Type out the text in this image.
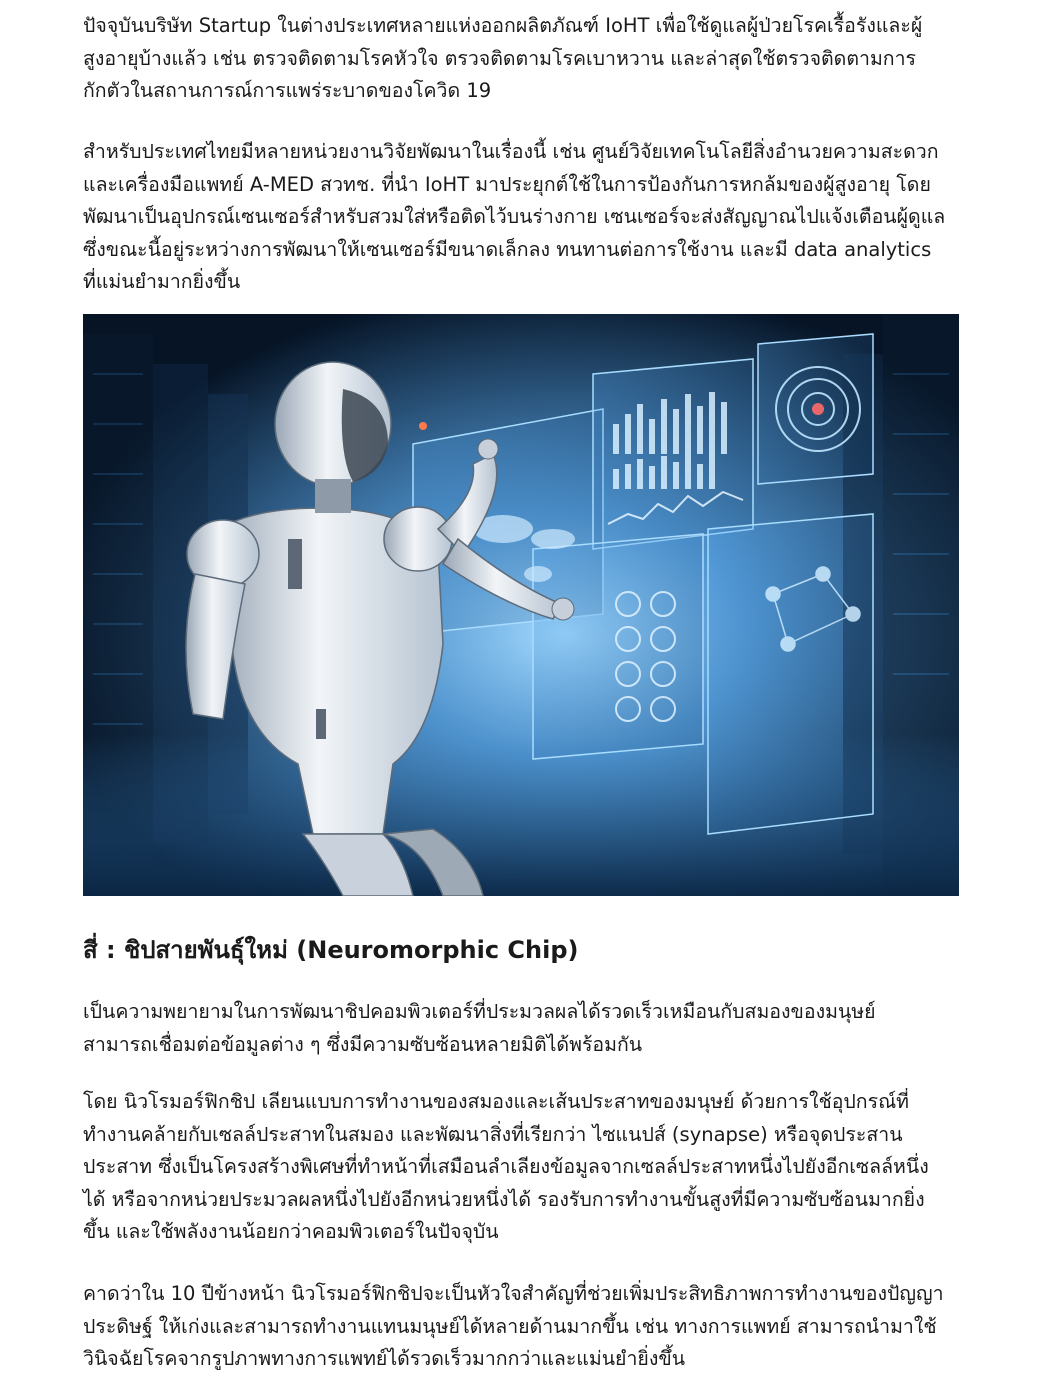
ปัจจุบันบริษัท Startup ในต่างประเทศหลายแห่งออกผลิตภัณฑ์ IoHT เพื่อใช้ดูแลผู้ป่วยโรคเรื้อรังและผู้
สูงอายุบ้างแล้ว เช่น ตรวจติดตามโรคหัวใจ ตรวจติดตามโรคเบาหวาน และล่าสุดใช้ตรวจติดตามการ
กักตัวในสถานการณ์การแพร่ระบาดของโควิด 19

สำหรับประเทศไทยมีหลายหน่วยงานวิจัยพัฒนาในเรื่องนี้ เช่น ศูนย์วิจัยเทคโนโลยีสิ่งอำนวยความสะดวก
และเครื่องมือแพทย์ A-MED สวทช. ที่นำ IoHT มาประยุกต์ใช้ในการป้องกันการหกล้มของผู้สูงอายุ โดย
พัฒนาเป็นอุปกรณ์เซนเซอร์สำหรับสวมใส่หรือติดไว้บนร่างกาย เซนเซอร์จะส่งสัญญาณไปแจ้งเตือนผู้ดูแล
ซึ่งขณะนี้อยู่ระหว่างการพัฒนาให้เซนเซอร์มีขนาดเล็กลง ทนทานต่อการใช้งาน และมี data analytics
ที่แม่นยำมากยิ่งขึ้น

สี่ : ชิปสายพันธุ์ใหม่ (Neuromorphic Chip)

เป็นความพยายามในการพัฒนาชิปคอมพิวเตอร์ที่ประมวลผลได้รวดเร็วเหมือนกับสมองของมนุษย์
สามารถเชื่อมต่อข้อมูลต่าง ๆ ซึ่งมีความซับซ้อนหลายมิติได้พร้อมกัน

โดย นิวโรมอร์ฟิกชิป เลียนแบบการทำงานของสมองและเส้นประสาทของมนุษย์ ด้วยการใช้อุปกรณ์ที่
ทำงานคล้ายกับเซลล์ประสาทในสมอง และพัฒนาสิ่งที่เรียกว่า ไซแนปส์ (synapse) หรือจุดประสาน
ประสาท ซึ่งเป็นโครงสร้างพิเศษที่ทำหน้าที่เสมือนลำเลียงข้อมูลจากเซลล์ประสาทหนึ่งไปยังอีกเซลล์หนึ่ง
ได้ หรือจากหน่วยประมวลผลหนึ่งไปยังอีกหน่วยหนึ่งได้ รองรับการทำงานขั้นสูงที่มีความซับซ้อนมากยิ่ง
ขึ้น และใช้พลังงานน้อยกว่าคอมพิวเตอร์ในปัจจุบัน

คาดว่าใน 10 ปีข้างหน้า นิวโรมอร์ฟิกชิปจะเป็นหัวใจสำคัญที่ช่วยเพิ่มประสิทธิภาพการทำงานของปัญญา
ประดิษฐ์ ให้เก่งและสามารถทำงานแทนมนุษย์ได้หลายด้านมากขึ้น เช่น ทางการแพทย์ สามารถนำมาใช้
วินิจฉัยโรคจากรูปภาพทางการแพทย์ได้รวดเร็วมากกว่าและแม่นยำยิ่งขึ้น
